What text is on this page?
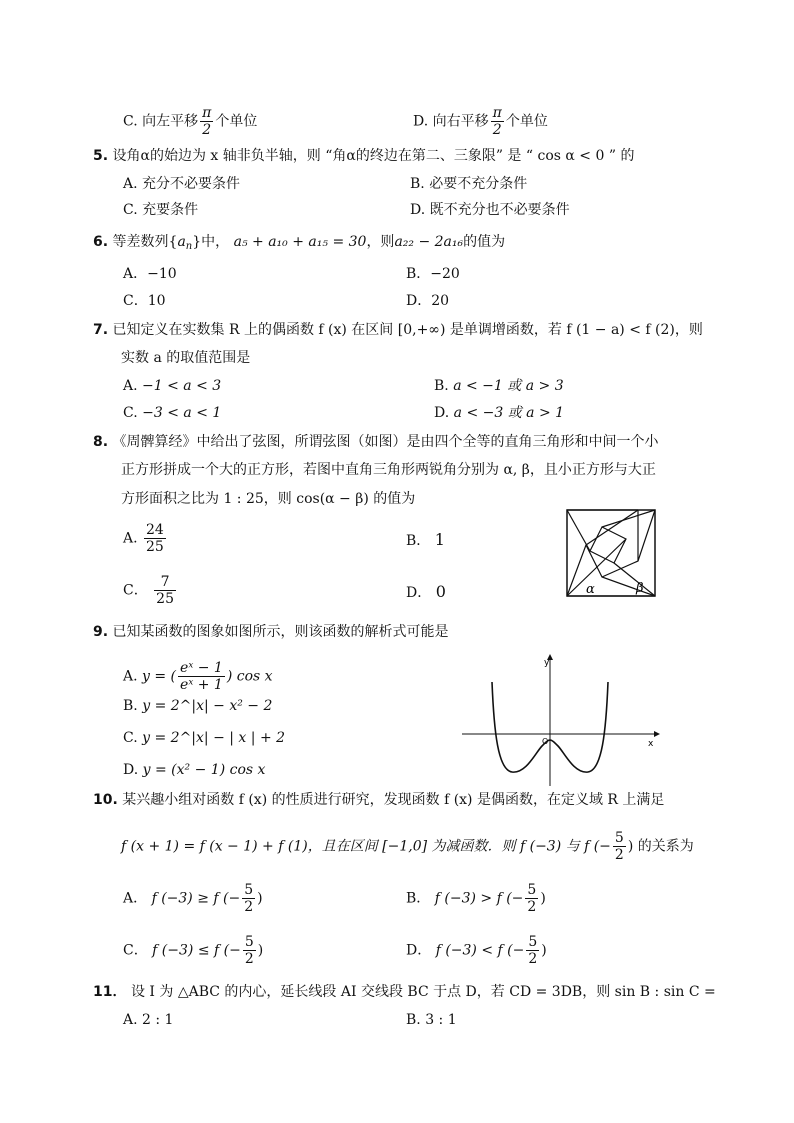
C. 向左平移 $\frac{\pi}{2}$ 个单位	D. 向右平移 $\frac{\pi}{2}$ 个单位
5. 设角α的始边为 x 轴非负半轴，则 “角α的终边在第二、三象限” 是 “ cos α < 0 ” 的
A. 充分不必要条件	B. 必要不充分条件
C. 充要条件	D. 既不充分也不必要条件
6. 等差数列$\{a_n\}$中， a₅ + a₁₀ + a₁₅ = 30，则a₂₂ − 2a₁₆的值为
A．−10	B．−20
C．10	D．20
7. 已知定义在实数集 R 上的偶函数 f (x) 在区间 [0,+∞) 是单调增函数，若 f (1 − a) < f (2)，则
实数 a 的取值范围是
A. −1 < a < 3	B. a < −1 或 a > 3
C. −3 < a < 1	D. a < −3 或 a > 1
8. 《周髀算经》中给出了弦图，所谓弦图（如图）是由四个全等的直角三角形和中间一个小
正方形拼成一个大的正方形，若图中直角三角形两锐角分别为 α, β，且小正方形与大正
方形面积之比为 1 : 25，则 cos(α − β) 的值为
A. $\frac{24}{25}$	B． 1
C． $\frac{7}{25}$	D． 0	α	β
9. 已知某函数的图象如图所示，则该函数的解析式可能是
A. y = ( $\frac{\text{eˣ − 1}}{\text{eˣ + 1}}$ ) cos x
B. y = 2^|x| − x² − 2
C. y = 2^|x| − | x | + 2
D. y = (x² − 1) cos x
y
x
O
10. 某兴趣小组对函数 f (x) 的性质进行研究，发现函数 f (x) 是偶函数，在定义域 R 上满足
f (x + 1) = f (x − 1) + f (1)，且在区间 [−1,0] 为减函数．则 f (−3) 与 f (− $\frac{5}{2}$ ) 的关系为
A． f (−3) ≥ f (− $\frac{5}{2}$ )	B． f (−3) > f (− $\frac{5}{2}$ )
C． f (−3) ≤ f (− $\frac{5}{2}$ )	D． f (−3) < f (− $\frac{5}{2}$ )
11． 设 I 为 △ABC 的内心，延长线段 AI 交线段 BC 于点 D，若 CD = 3DB，则 sin B : sin C =
A. 2 : 1	B. 3 : 1
